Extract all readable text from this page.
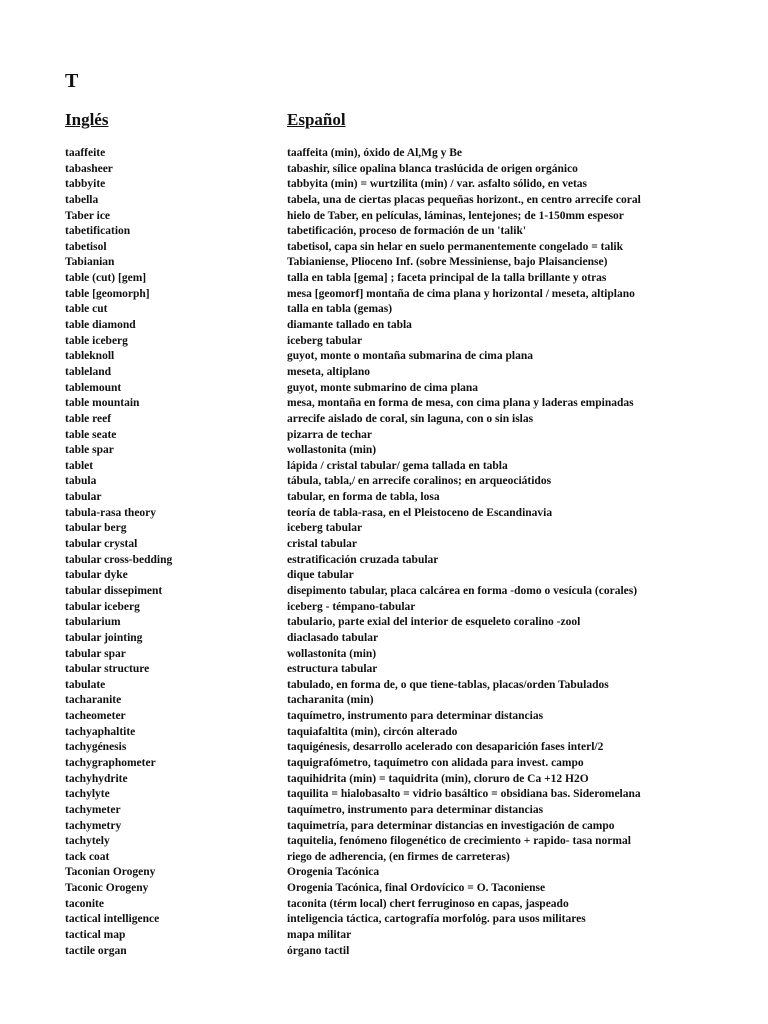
T
Inglés	Español
taaffeite	taaffeita (min), óxido de Al,Mg y Be
tabasheer	tabashir, sílice opalina blanca traslúcida de origen orgánico
tabbyite	tabbyita (min) = wurtzilita (min) / var. asfalto sólido, en vetas
tabella	tabela, una de ciertas placas pequeñas horizont., en centro arrecife coral
Taber ice	hielo de Taber, en películas, láminas, lentejones; de 1-150mm espesor
tabetification	tabetificación, proceso de formación de un 'talik'
tabetisol	tabetisol, capa sin helar en suelo permanentemente congelado = talik
Tabianian	Tabianiense, Plioceno Inf. (sobre Messiniense, bajo Plaisanciense)
table (cut) [gem]	talla en tabla [gema] ; faceta principal de la talla brillante y otras
table [geomorph]	mesa [geomorf] montaña de cima plana y horizontal / meseta, altiplano
table cut	talla en tabla (gemas)
table diamond	diamante tallado en tabla
table iceberg	iceberg tabular
tableknoll	guyot, monte o montaña submarina de cima plana
tableland	meseta, altiplano
tablemount	guyot, monte submarino de cima plana
table mountain	mesa, montaña en forma de mesa, con cima plana y laderas empinadas
table reef	arrecife aislado de coral, sin laguna, con o sin islas
table seate	pizarra de techar
table spar	wollastonita (min)
tablet	lápida / cristal tabular/ gema tallada en tabla
tabula	tábula, tabla,/ en arrecife coralinos; en arqueociátidos
tabular	tabular, en forma de tabla, losa
tabula-rasa theory	teoría de tabla-rasa, en el Pleistoceno de Escandinavia
tabular berg	iceberg tabular
tabular crystal	cristal tabular
tabular cross-bedding	estratificación cruzada tabular
tabular dyke	dique tabular
tabular dissepiment	disepimento tabular, placa calcárea en forma -domo o vesícula (corales)
tabular iceberg	iceberg - témpano-tabular
tabularium	tabulario, parte exial del interior de esqueleto coralino -zool
tabular jointing	diaclasado tabular
tabular spar	wollastonita (min)
tabular structure	estructura tabular
tabulate	tabulado, en forma de, o que tiene-tablas, placas/orden Tabulados
tacharanite	tacharanita (min)
tacheometer	taquímetro, instrumento para determinar distancias
tachyaphaltite	taquiafaltita (min), circón alterado
tachygénesis	taquigénesis, desarrollo acelerado con desaparición fases interl/2
tachygraphometer	taquigrafómetro, taquímetro con alidada para invest. campo
tachyhydrite	taquihidrita (min) = taquidrita (min), cloruro de Ca +12 H2O
tachylyte	taquilita = hialobasalto = vidrio basáltico = obsidiana bas. Sideromelana
tachymeter	taquímetro, instrumento para determinar distancias
tachymetry	taquimetría, para determinar distancias en investigación de campo
tachytely	taquitelia, fenómeno filogenético de crecimiento + rapido- tasa normal
tack coat	riego de adherencia, (en firmes de carreteras)
Taconian Orogeny	Orogenia Tacónica
Taconic Orogeny	Orogenia Tacónica, final Ordovícico = O. Taconiense
taconite	taconita (térm local) chert ferruginoso en capas, jaspeado
tactical intelligence	inteligencia táctica, cartografía morfológ. para usos militares
tactical map	mapa militar
tactile organ	órgano tactil
